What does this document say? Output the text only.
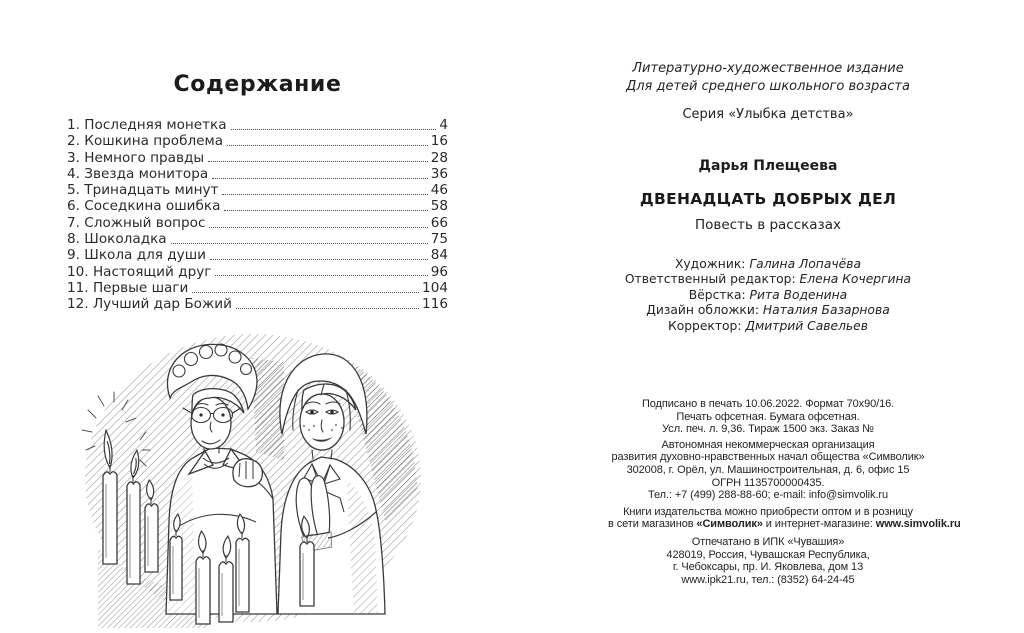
Содержание
1. Последняя монетка	4
2. Кошкина проблема	16
3. Немного правды	28
4. Звезда монитора	36
5. Тринадцать минут	46
6. Соседкина ошибка	58
7. Сложный вопрос	66
8. Шоколадка	75
9. Школа для души	84
10. Настоящий друг	96
11. Первые шаги	104
12. Лучший дар Божий	116
Литературно-художественное издание
Для детей среднего школьного возраста
Серия «Улыбка детства»
Дарья Плещеева
ДВЕНАДЦАТЬ ДОБРЫХ ДЕЛ
Повесть в рассказах
Художник: Галина Лопачёва
Ответственный редактор: Елена Кочергина
Вёрстка: Рита Воденина
Дизайн обложки: Наталия Базарнова
Корректор: Дмитрий Савельев
Подписано в печать 10.06.2022. Формат 70x90/16.
Печать офсетная. Бумага офсетная.
Усл. печ. л. 9,36. Тираж 1500 экз. Заказ №
Автономная некоммерческая организация
развития духовно-нравственных начал общества «Символик»
302008, г. Орёл, ул. Машиностроительная, д. 6, офис 15
ОГРН 1135700000435.
Тел.: +7 (499) 288-88-60; e-mail: info@simvolik.ru
Книги издательства можно приобрести оптом и в розницу
в сети магазинов «Символик» и интернет-магазине: www.simvolik.ru
Отпечатано в ИПК «Чувашия»
428019, Россия, Чувашская Республика,
г. Чебоксары, пр. И. Яковлева, дом 13
www.ipk21.ru, тел.: (8352) 64-24-45
